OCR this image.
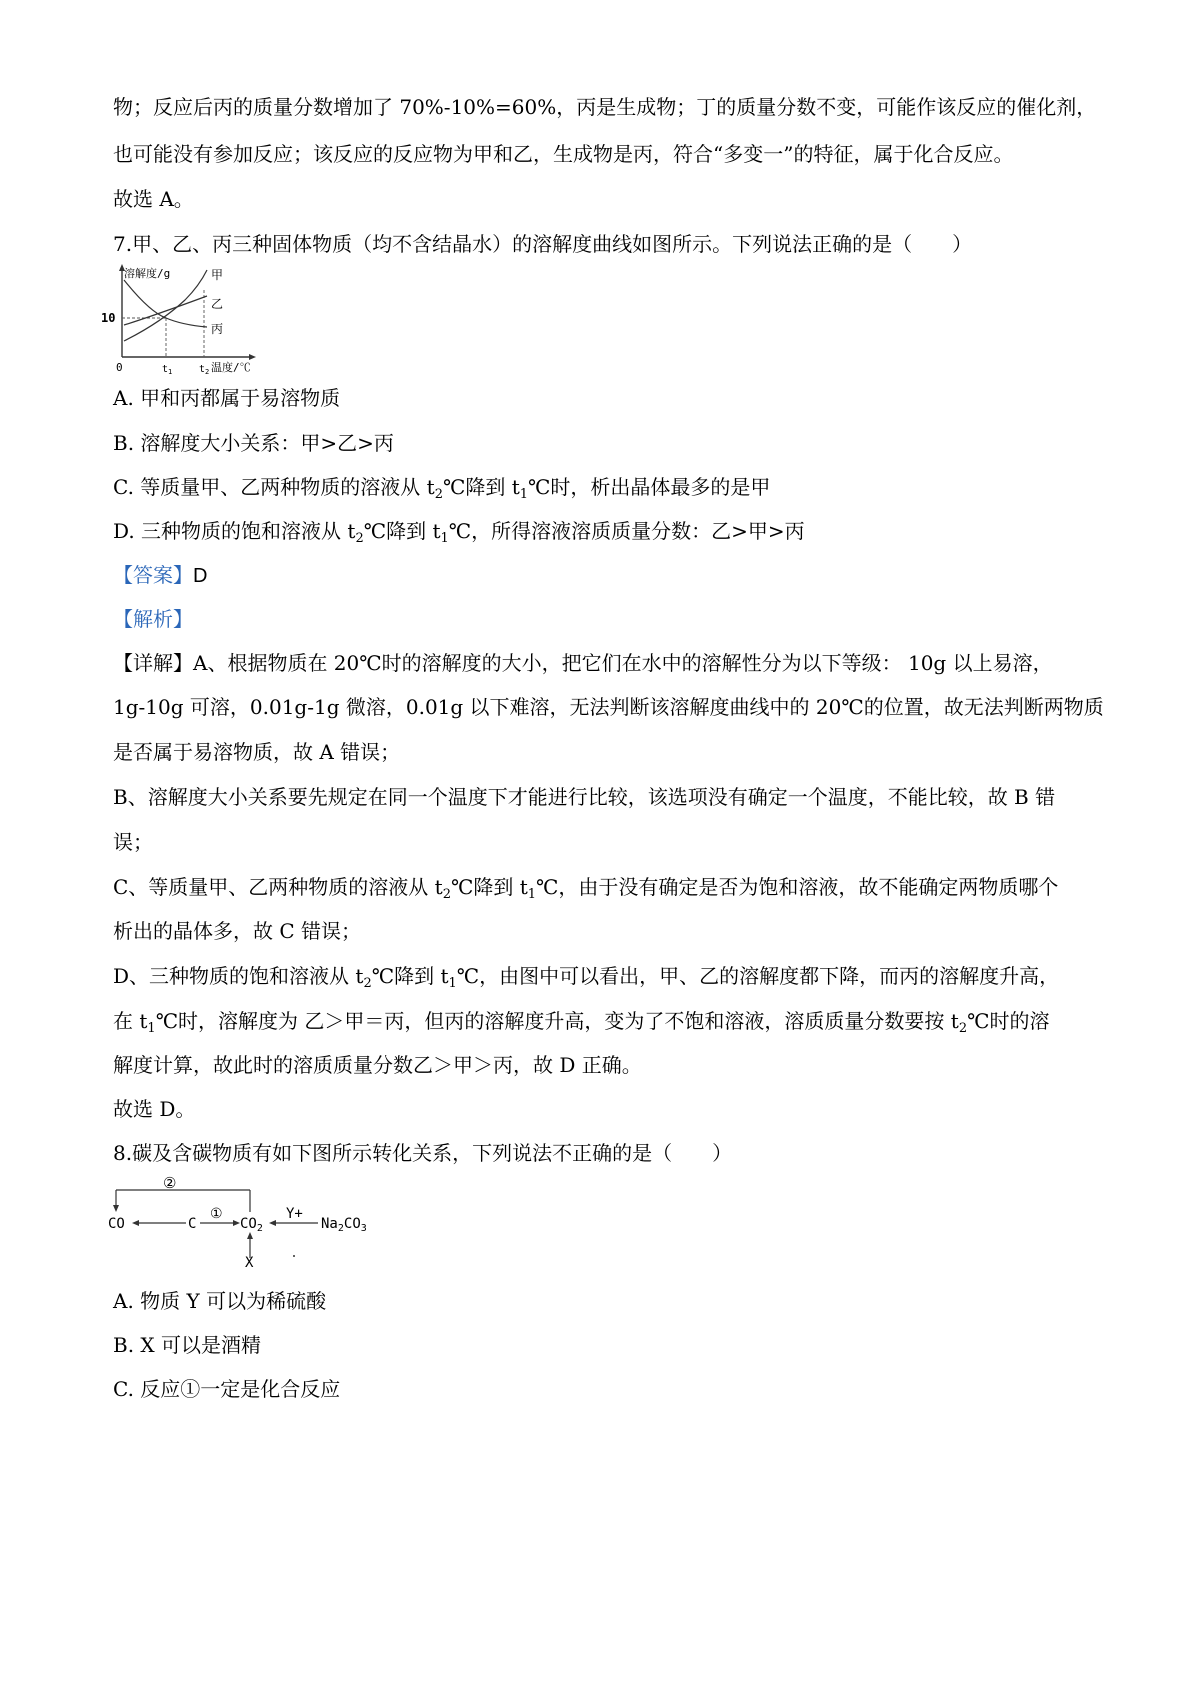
物；反应后丙的质量分数增加了 70%-10%=60%，丙是生成物；丁的质量分数不变，可能作该反应的催化剂，
也可能没有参加反应；该反应的反应物为甲和乙，生成物是丙，符合“多变一”的特征，属于化合反应。
故选 A。
7.甲、乙、丙三种固体物质（均不含结晶水）的溶解度曲线如图所示。下列说法正确的是（　　）
溶解度/g
10
0	$t_1$	$t_2$ 温度/℃
甲
乙
丙
A. 甲和丙都属于易溶物质
B. 溶解度大小关系：甲>乙>丙
C. 等质量甲、乙两种物质的溶液从 $t_2℃$降到 $t_1℃$时，析出晶体最多的是甲
D. 三种物质的饱和溶液从 $t_2℃$降到 $t_1℃$，所得溶液溶质质量分数：乙>甲>丙
【答案】D
【解析】
【详解】A、根据物质在 20℃时的溶解度的大小，把它们在水中的溶解性分为以下等级： 10g 以上易溶，
1g-10g 可溶，0.01g-1g 微溶，0.01g 以下难溶，无法判断该溶解度曲线中的 20℃的位置，故无法判断两物质
是否属于易溶物质，故 A 错误；
B、溶解度大小关系要先规定在同一个温度下才能进行比较，该选项没有确定一个温度，不能比较，故 B 错
误；
C、等质量甲、乙两种物质的溶液从 $t_2℃$降到 $t_1℃$，由于没有确定是否为饱和溶液，故不能确定两物质哪个
析出的晶体多，故 C 错误；
D、三种物质的饱和溶液从 $t_2℃$降到 $t_1℃$，由图中可以看出，甲、乙的溶解度都下降，而丙的溶解度升高，
在 $t_1℃$时，溶解度为 乙＞甲＝丙，但丙的溶解度升高，变为了不饱和溶液，溶质质量分数要按 $t_2℃$时的溶
解度计算，故此时的溶质质量分数乙＞甲＞丙，故 D 正确。
故选 D。
8.碳及含碳物质有如下图所示转化关系，下列说法不正确的是（　　）
②
CO	C
①
$CO_2$
X
Y+
$Na_2CO_3$
A. 物质 Y 可以为稀硫酸
B. X 可以是酒精
C. 反应①一定是化合反应
